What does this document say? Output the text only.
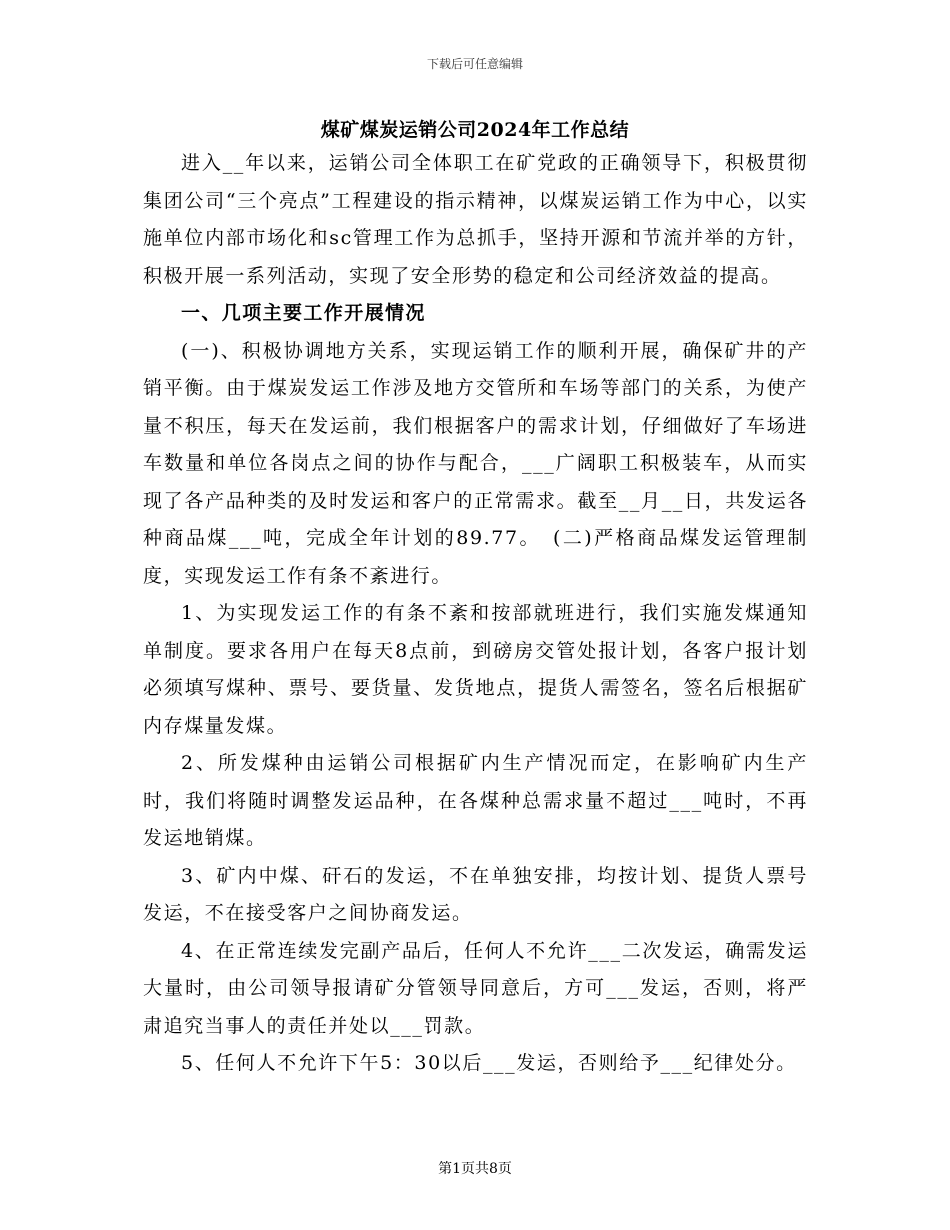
下载后可任意编辑
煤矿煤炭运销公司2024年工作总结

进入__年以来，运销公司全体职工在矿党政的正确领导下，积极贯彻集团公司“三个亮点”工程建设的指示精神，以煤炭运销工作为中心，以实施单位内部市场化和sc管理工作为总抓手，坚持开源和节流并举的方针，积极开展一系列活动，实现了安全形势的稳定和公司经济效益的提高。

一、几项主要工作开展情况

(一)、积极协调地方关系，实现运销工作的顺利开展，确保矿井的产销平衡。由于煤炭发运工作涉及地方交管所和车场等部门的关系，为使产量不积压，每天在发运前，我们根据客户的需求计划，仔细做好了车场进车数量和单位各岗点之间的协作与配合，___广阔职工积极装车，从而实现了各产品种类的及时发运和客户的正常需求。截至__月__日，共发运各种商品煤___吨，完成全年计划的89.77。　(二)严格商品煤发运管理制度，实现发运工作有条不紊进行。

1、为实现发运工作的有条不紊和按部就班进行，我们实施发煤通知单制度。要求各用户在每天8点前，到磅房交管处报计划，各客户报计划必须填写煤种、票号、要货量、发货地点，提货人需签名，签名后根据矿内存煤量发煤。

2、所发煤种由运销公司根据矿内生产情况而定，在影响矿内生产时，我们将随时调整发运品种，在各煤种总需求量不超过___吨时，不再发运地销煤。

3、矿内中煤、矸石的发运，不在单独安排，均按计划、提货人票号发运，不在接受客户之间协商发运。

4、在正常连续发完副产品后，任何人不允许___二次发运，确需发运大量时，由公司领导报请矿分管领导同意后，方可___发运，否则，将严肃追究当事人的责任并处以___罚款。

5、任何人不允许下午5：30以后___发运，否则给予___纪律处分。

第1页共8页
